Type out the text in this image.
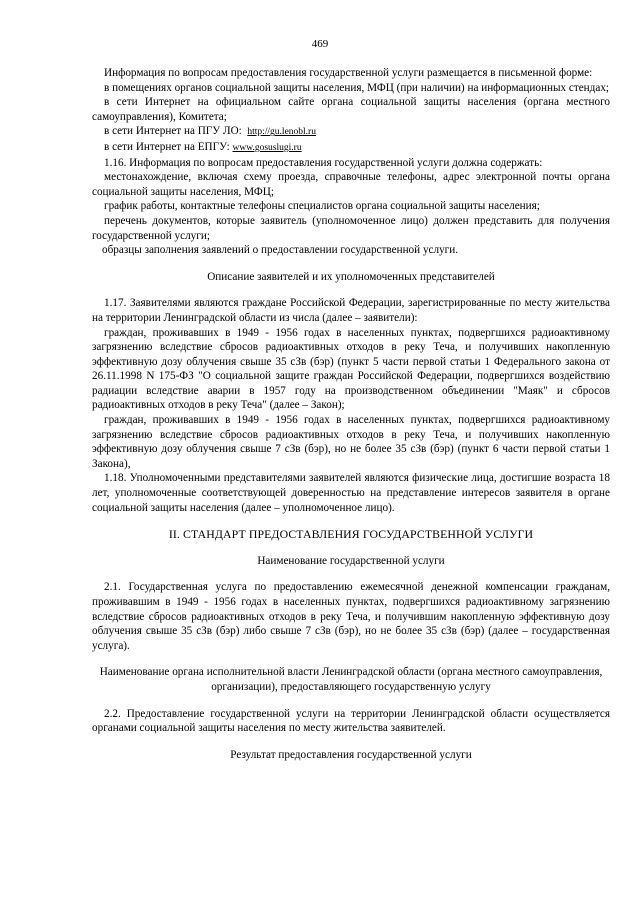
469

Информация по вопросам предоставления государственной услуги размещается в письменной форме:

в помещениях органов социальной защиты населения, МФЦ (при наличии) на информационных стендах;

в сети Интернет на официальном сайте органа социальной защиты населения (органа местного самоуправления), Комитета;

в сети Интернет на ПГУ ЛО: http://gu.lenobl.ru

в сети Интернет на ЕПГУ: www.gosuslugi.ru

1.16. Информация по вопросам предоставления государственной услуги должна содержать:

местонахождение, включая схему проезда, справочные телефоны, адрес электронной почты органа социальной защиты населения, МФЦ;

график работы, контактные телефоны специалистов органа социальной защиты населения;

перечень документов, которые заявитель (уполномоченное лицо) должен представить для получения государственной услуги;

образцы заполнения заявлений о предоставлении государственной услуги.

Описание заявителей и их уполномоченных представителей

1.17. Заявителями являются граждане Российской Федерации, зарегистрированные по месту жительства на территории Ленинградской области из числа (далее – заявители):

граждан, проживавших в 1949 - 1956 годах в населенных пунктах, подвергшихся радиоактивному загрязнению вследствие сбросов радиоактивных отходов в реку Теча, и получивших накопленную эффективную дозу облучения свыше 35 сЗв (бэр) (пункт 5 части первой статьи 1 Федерального закона от 26.11.1998 N 175-ФЗ "О социальной защите граждан Российской Федерации, подвергшихся воздействию радиации вследствие аварии в 1957 году на производственном объединении "Маяк" и сбросов радиоактивных отходов в реку Теча" (далее – Закон);

граждан, проживавших в 1949 - 1956 годах в населенных пунктах, подвергшихся радиоактивному загрязнению вследствие сбросов радиоактивных отходов в реку Теча, и получивших накопленную эффективную дозу облучения свыше 7 сЗв (бэр), но не более 35 сЗв (бэр) (пункт 6 части первой статьи 1 Закона),

1.18. Уполномоченными представителями заявителей являются физические лица, достигшие возраста 18 лет, уполномоченные соответствующей доверенностью на представление интересов заявителя в органе социальной защиты населения (далее – уполномоченное лицо).

II. СТАНДАРТ ПРЕДОСТАВЛЕНИЯ ГОСУДАРСТВЕННОЙ УСЛУГИ

Наименование государственной услуги

2.1. Государственная услуга по предоставлению ежемесячной денежной компенсации гражданам, проживавшим в 1949 - 1956 годах в населенных пунктах, подвергшихся радиоактивному загрязнению вследствие сбросов радиоактивных отходов в реку Теча, и получившим накопленную эффективную дозу облучения свыше 35 сЗв (бэр) либо свыше 7 сЗв (бэр), но не более 35 сЗв (бэр) (далее – государственная услуга).

Наименование органа исполнительной власти Ленинградской области (органа местного самоуправления, организации), предоставляющего государственную услугу

2.2. Предоставление государственной услуги на территории Ленинградской области осуществляется органами социальной защиты населения по месту жительства заявителей.

Результат предоставления государственной услуги
